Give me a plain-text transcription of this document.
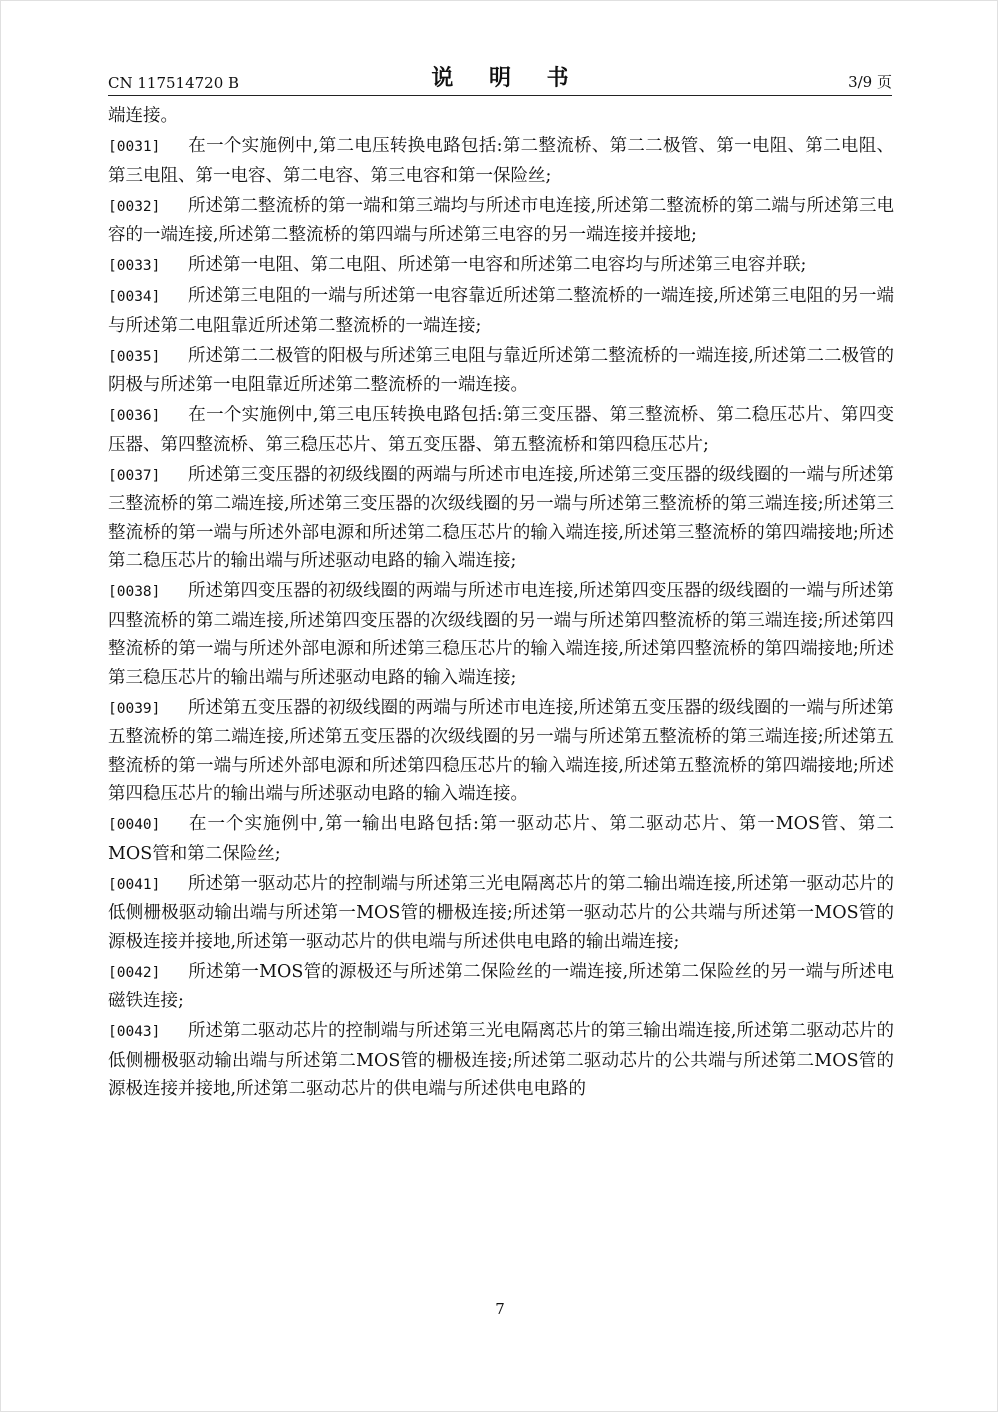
CN 117514720 B	说 明 书	3/9 页

端连接。

[0031] 在一个实施例中,第二电压转换电路包括:第二整流桥、第二二极管、第一电阻、第二电阻、第三电阻、第一电容、第二电容、第三电容和第一保险丝;

[0032] 所述第二整流桥的第一端和第三端均与所述市电连接,所述第二整流桥的第二端与所述第三电容的一端连接,所述第二整流桥的第四端与所述第三电容的另一端连接并接地;

[0033] 所述第一电阻、第二电阻、所述第一电容和所述第二电容均与所述第三电容并联;

[0034] 所述第三电阻的一端与所述第一电容靠近所述第二整流桥的一端连接,所述第三电阻的另一端与所述第二电阻靠近所述第二整流桥的一端连接;

[0035] 所述第二二极管的阳极与所述第三电阻与靠近所述第二整流桥的一端连接,所述第二二极管的阴极与所述第一电阻靠近所述第二整流桥的一端连接。

[0036] 在一个实施例中,第三电压转换电路包括:第三变压器、第三整流桥、第二稳压芯片、第四变压器、第四整流桥、第三稳压芯片、第五变压器、第五整流桥和第四稳压芯片;

[0037] 所述第三变压器的初级线圈的两端与所述市电连接,所述第三变压器的级线圈的一端与所述第三整流桥的第二端连接,所述第三变压器的次级线圈的另一端与所述第三整流桥的第三端连接;所述第三整流桥的第一端与所述外部电源和所述第二稳压芯片的输入端连接,所述第三整流桥的第四端接地;所述第二稳压芯片的输出端与所述驱动电路的输入端连接;

[0038] 所述第四变压器的初级线圈的两端与所述市电连接,所述第四变压器的级线圈的一端与所述第四整流桥的第二端连接,所述第四变压器的次级线圈的另一端与所述第四整流桥的第三端连接;所述第四整流桥的第一端与所述外部电源和所述第三稳压芯片的输入端连接,所述第四整流桥的第四端接地;所述第三稳压芯片的输出端与所述驱动电路的输入端连接;

[0039] 所述第五变压器的初级线圈的两端与所述市电连接,所述第五变压器的级线圈的一端与所述第五整流桥的第二端连接,所述第五变压器的次级线圈的另一端与所述第五整流桥的第三端连接;所述第五整流桥的第一端与所述外部电源和所述第四稳压芯片的输入端连接,所述第五整流桥的第四端接地;所述第四稳压芯片的输出端与所述驱动电路的输入端连接。

[0040] 在一个实施例中,第一输出电路包括:第一驱动芯片、第二驱动芯片、第一MOS管、第二MOS管和第二保险丝;

[0041] 所述第一驱动芯片的控制端与所述第三光电隔离芯片的第二输出端连接,所述第一驱动芯片的低侧栅极驱动输出端与所述第一MOS管的栅极连接;所述第一驱动芯片的公共端与所述第一MOS管的源极连接并接地,所述第一驱动芯片的供电端与所述供电电路的输出端连接;

[0042] 所述第一MOS管的源极还与所述第二保险丝的一端连接,所述第二保险丝的另一端与所述电磁铁连接;

[0043] 所述第二驱动芯片的控制端与所述第三光电隔离芯片的第三输出端连接,所述第二驱动芯片的低侧栅极驱动输出端与所述第二MOS管的栅极连接;所述第二驱动芯片的公共端与所述第二MOS管的源极连接并接地,所述第二驱动芯片的供电端与所述供电电路的

7
